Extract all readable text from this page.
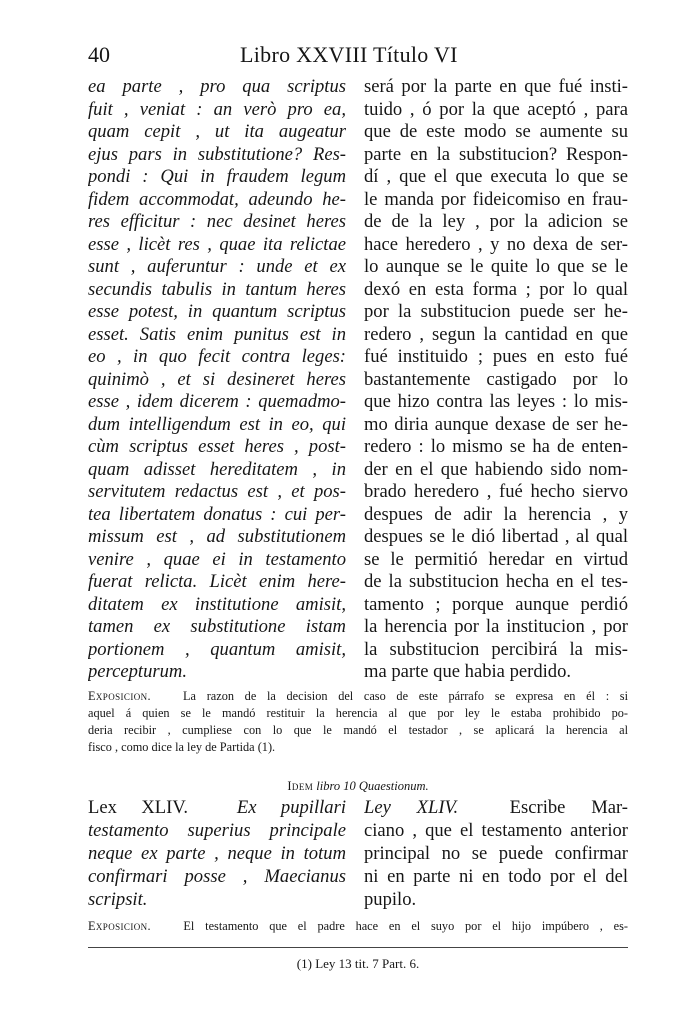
40	Libro XXVIII Título VI
ea parte , pro qua scriptus
fuit , veniat : an verò pro ea,
quam cepit , ut ita augeatur
ejus pars in substitutione? Res-
pondi : Qui in fraudem legum
fidem accommodat, adeundo he-
res efficitur : nec desinet heres
esse , licèt res , quae ita relictae
sunt , auferuntur : unde et ex
secundis tabulis in tantum heres
esse potest, in quantum scriptus
esset. Satis enim punitus est in
eo , in quo fecit contra leges:
quinimò , et si desineret heres
esse , idem dicerem : quemadmo-
dum intelligendum est in eo, qui
cùm scriptus esset heres , post-
quam adisset hereditatem , in
servitutem redactus est , et pos-
tea libertatem donatus : cui per-
missum est , ad substitutionem
venire , quae ei in testamento
fuerat relicta. Licèt enim here-
ditatem ex institutione amisit,
tamen ex substitutione istam
portionem , quantum amisit,
percepturum.
será por la parte en que fué insti-
tuido , ó por la que aceptó , para
que de este modo se aumente su
parte en la substitucion? Respon-
dí , que el que executa lo que se
le manda por fideicomiso en frau-
de de la ley , por la adicion se
hace heredero , y no dexa de ser-
lo aunque se le quite lo que se le
dexó en esta forma ; por lo qual
por la substitucion puede ser he-
redero , segun la cantidad en que
fué instituido ; pues en esto fué
bastantemente castigado por lo
que hizo contra las leyes : lo mis-
mo diria aunque dexase de ser he-
redero : lo mismo se ha de enten-
der en el que habiendo sido nom-
brado heredero , fué hecho siervo
despues de adir la herencia , y
despues se le dió libertad , al qual
se le permitió heredar en virtud
de la substitucion hecha en el tes-
tamento ; porque aunque perdió
la herencia por la institucion , por
la substitucion percibirá la mis-
ma parte que habia perdido.
Exposicion.	La razon de la decision del caso de este párrafo se expresa en él : si
aquel á quien se le mandó restituir la herencia al que por ley le estaba prohibido po-
deria recibir , cumpliese con lo que le mandó el testador , se aplicará la herencia al
fisco , como dice la ley de Partida (1).
Idem libro 10 Quaestionum.
Lex XLIV.	Ex pupillari
testamento superius principale
neque ex parte , neque in totum
confirmari posse , Maecianus
scripsit.
Ley XLIV.	Escribe Mar-
ciano , que el testamento anterior
principal no se puede confirmar
ni en parte ni en todo por el del
pupilo.
Exposicion.	El testamento que el padre hace en el suyo por el hijo impúbero , es-
(1) Ley 13 tit. 7 Part. 6.
